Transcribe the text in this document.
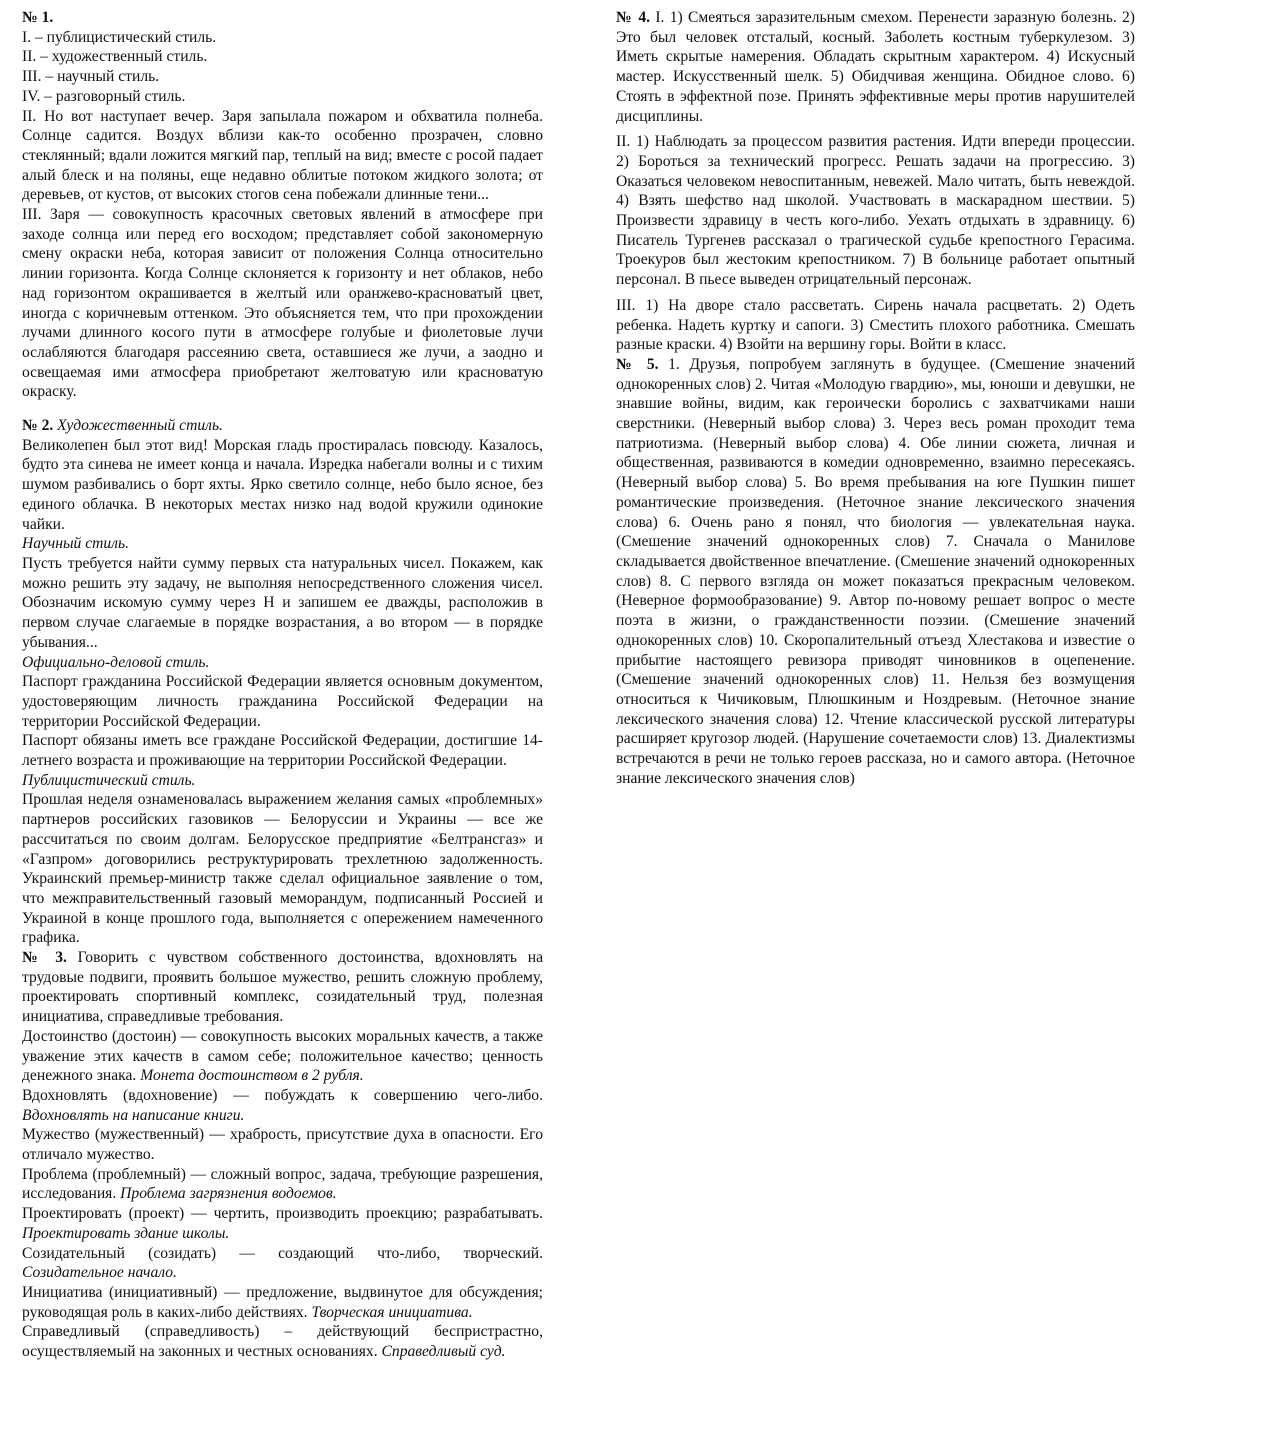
№ 1.

I. – публицистический стиль.

II. – художественный стиль.

III. – научный стиль.

IV. – разговорный стиль.

II. Но вот наступает вечер. Заря запылала пожаром и обхватила полнеба. Солнце садится. Воздух вблизи как-то особенно прозрачен, словно стеклянный; вдали ложится мягкий пар, теплый на вид; вместе с росой падает алый блеск и на поляны, еще недавно облитые потоком жидкого золота; от деревьев, от кустов, от высоких стогов сена побежали длинные тени...

III. Заря — совокупность красочных световых явлений в атмосфере при заходе солнца или перед его восходом; представляет собой закономерную смену окраски неба, которая зависит от положения Солнца относительно линии горизонта. Когда Солнце склоняется к горизонту и нет облаков, небо над горизонтом окрашивается в желтый или оранжево-красноватый цвет, иногда с коричневым оттенком. Это объясняется тем, что при прохождении лучами длинного косого пути в атмосфере голубые и фиолетовые лучи ослабляются благодаря рассеянию света, оставшиеся же лучи, а заодно и освещаемая ими атмосфера приобретают желтоватую или красноватую окраску.

№ 2. Художественный стиль.

Великолепен был этот вид! Морская гладь простиралась повсюду. Казалось, будто эта синева не имеет конца и начала. Изредка набегали волны и с тихим шумом разбивались о борт яхты. Ярко светило солнце, небо было ясное, без единого облачка. В некоторых местах низко над водой кружили одинокие чайки.

Научный стиль.

Пусть требуется найти сумму первых ста натуральных чисел. Покажем, как можно решить эту задачу, не выполняя непосредственного сложения чисел. Обозначим искомую сумму через Н и запишем ее дважды, расположив в первом случае слагаемые в порядке возрастания, а во втором — в порядке убывания...

Официально-деловой стиль.

Паспорт гражданина Российской Федерации является основным документом, удостоверяющим личность гражданина Российской Федерации на территории Российской Федерации.

Паспорт обязаны иметь все граждане Российской Федерации, достигшие 14-летнего возраста и проживающие на территории Российской Федерации.

Публицистический стиль.

Прошлая неделя ознаменовалась выражением желания самых «проблемных» партнеров российских газовиков — Белоруссии и Украины — все же рассчитаться по своим долгам. Белорусское предприятие «Белтрансгаз» и «Газпром» договорились реструктурировать трехлетнюю задолженность. Украинский премьер-министр также сделал официальное заявление о том, что межправительственный газовый меморандум, подписанный Россией и Украиной в конце прошлого года, выполняется с опережением намеченного графика.

№ 3. Говорить с чувством собственного достоинства, вдохновлять на трудовые подвиги, проявить большое мужество, решить сложную проблему, проектировать спортивный комплекс, созидательный труд, полезная инициатива, справедливые требования.

Достоинство (достоин) — совокупность высоких моральных качеств, а также уважение этих качеств в самом себе; положительное качество; ценность денежного знака. Монета достоинством в 2 рубля.

Вдохновлять (вдохновение) — побуждать к совершению чего-либо. Вдохновлять на написание книги.

Мужество (мужественный) — храбрость, присутствие духа в опасности. Его отличало мужество.

Проблема (проблемный) — сложный вопрос, задача, требующие разрешения, исследования. Проблема загрязнения водоемов.

Проектировать (проект) — чертить, производить проекцию; разрабатывать. Проектировать здание школы.

Созидательный (созидать) — создающий что-либо, творческий. Созидательное начало.

Инициатива (инициативный) — предложение, выдвинутое для обсуждения; руководящая роль в каких-либо действиях. Творческая инициатива.

Справедливый (справедливость) – действующий беспристрастно, осуществляемый на законных и честных основаниях. Справедливый суд.

№ 4. I. 1) Смеяться заразительным смехом. Перенести заразную болезнь. 2) Это был человек отсталый, косный. Заболеть костным туберкулезом. 3) Иметь скрытые намерения. Обладать скрытным характером. 4) Искусный мастер. Искусственный шелк. 5) Обидчивая женщина. Обидное слово. 6) Стоять в эффектной позе. Принять эффективные меры против нарушителей дисциплины.

II. 1) Наблюдать за процессом развития растения. Идти впереди процессии. 2) Бороться за технический прогресс. Решать задачи на прогрессию. 3) Оказаться человеком невоспитанным, невежей. Мало читать, быть невеждой. 4) Взять шефство над школой. Участвовать в маскарадном шествии. 5) Произвести здравицу в честь кого-либо. Уехать отдыхать в здравницу. 6) Писатель Тургенев рассказал о трагической судьбе крепостного Герасима. Троекуров был жестоким крепостником. 7) В больнице работает опытный персонал. В пьесе выведен отрицательный персонаж.

III. 1) На дворе стало рассветать. Сирень начала расцветать. 2) Одеть ребенка. Надеть куртку и сапоги. 3) Сместить плохого работника. Смешать разные краски. 4) Взойти на вершину горы. Войти в класс.

№ 5. 1. Друзья, попробуем заглянуть в будущее. (Смешение значений однокоренных слов) 2. Читая «Молодую гвардию», мы, юноши и девушки, не знавшие войны, видим, как героически боролись с захватчиками наши сверстники. (Неверный выбор слова) 3. Через весь роман проходит тема патриотизма. (Неверный выбор слова) 4. Обе линии сюжета, личная и общественная, развиваются в комедии одновременно, взаимно пересекаясь. (Неверный выбор слова) 5. Во время пребывания на юге Пушкин пишет романтические произведения. (Неточное знание лексического значения слова) 6. Очень рано я понял, что биология — увлекательная наука. (Смешение значений однокоренных слов) 7. Сначала о Манилове складывается двойственное впечатление. (Смешение значений однокоренных слов) 8. С первого взгляда он может показаться прекрасным человеком. (Неверное формообразование) 9. Автор по-новому решает вопрос о месте поэта в жизни, о гражданственности поэзии. (Смешение значений однокоренных слов) 10. Скоропалительный отъезд Хлестакова и известие о прибытие настоящего ревизора приводят чиновников в оцепенение. (Смешение значений однокоренных слов) 11. Нельзя без возмущения относиться к Чичиковым, Плюшкиным и Ноздревым. (Неточное знание лексического значения слова) 12. Чтение классической русской литературы расширяет кругозор людей. (Нарушение сочетаемости слов) 13. Диалектизмы встречаются в речи не только героев рассказа, но и самого автора. (Неточное знание лексического значения слов)
